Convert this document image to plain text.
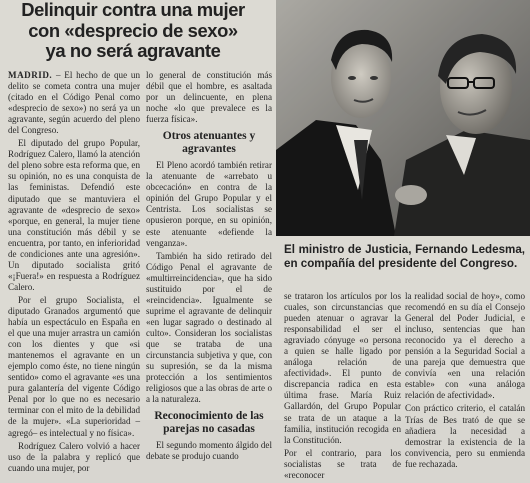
Delinquir contra una mujer
con «desprecio de sexo»
ya no será agravante

MADRID. – El hecho de que un delito se cometa contra una mujer (citado en el Código Penal como «desprecio de sexo») no será ya un agravante, según acuerdo del pleno del Congreso.

El diputado del grupo Popular, Rodríguez Calero, llamó la atención del pleno sobre esta reforma que, en su opinión, no es una conquista de las feministas. Defendió este diputado que se mantuviera el agravante de «desprecio de sexo» «porque, en general, la mujer tiene una constitución más débil y se encuentra, por tanto, en inferioridad de condiciones ante una agresión». Un diputado socialista gritó «¡Fuera!» en respuesta a Rodríguez Calero.

Por el grupo Socialista, el diputado Granados argumentó que había un espectáculo en España en el que una mujer arrastra un camión con los dientes y que «si mantenemos el agravante en un ejemplo como éste, no tiene ningún sentido» como el agravante «es una pura galantería del vigente Código Penal por lo que no es necesario terminar con el mito de la debilidad de la mujer». «La superioridad –agregó– es intelectual y no física».

Rodríguez Calero volvió a hacer uso de la palabra y replicó que cuando una mujer, por

lo general de constitución más débil que el hombre, es asaltada por un delincuente, en plena noche «lo que prevalece es la fuerza física».

Otros atenuantes y agravantes

El Pleno acordó también retirar la atenuante de «arrebato u obcecación» en contra de la opinión del Grupo Popular y el Centrista. Los socialistas se opusieron porque, en su opinión, este atenuante «defiende la venganza».

También ha sido retirado del Código Penal el agravante de «multirreincidencia», que ha sido sustituido por el de «reincidencia». Igualmente se suprime el agravante de delinquir «en lugar sagrado o destinado al culto». Consideran los socialistas que se trataba de una circunstancia subjetiva y que, con su supresión, se da la misma protección a los sentimientos religiosos que a las obras de arte o a la naturaleza.

Reconocimiento de las parejas no casadas

El segundo momento álgido del debate se produjo cuando

El ministro de Justicia, Fernando Ledesma, en compañía del presidente del Congreso.

se trataron los artículos por los cuales, son circunstancias que pueden atenuar o agravar la responsabilidad el ser el agraviado cónyuge «o persona a quien se halle ligado por análoga relación de afectividad». El punto de discrepancia radica en esta última frase. María Ruiz Gallardón, del Grupo Popular se trata de un ataque a la familia, institución recogida en la Constitución.

Por el contrario, para los socialistas se trata de «reconocer

la realidad social de hoy», como recomendó en su día el Consejo General del Poder Judicial, e incluso, sentencias que han reconocido ya el derecho a pensión a la Seguridad Social a una pareja que demuestra que convivía «en una relación estable» con «una análoga relación de afectividad».

Con práctico criterio, el catalán Trías de Bes trató de que se añadiera la necesidad a demostrar la existencia de la convivencia, pero su enmienda fue rechazada.
